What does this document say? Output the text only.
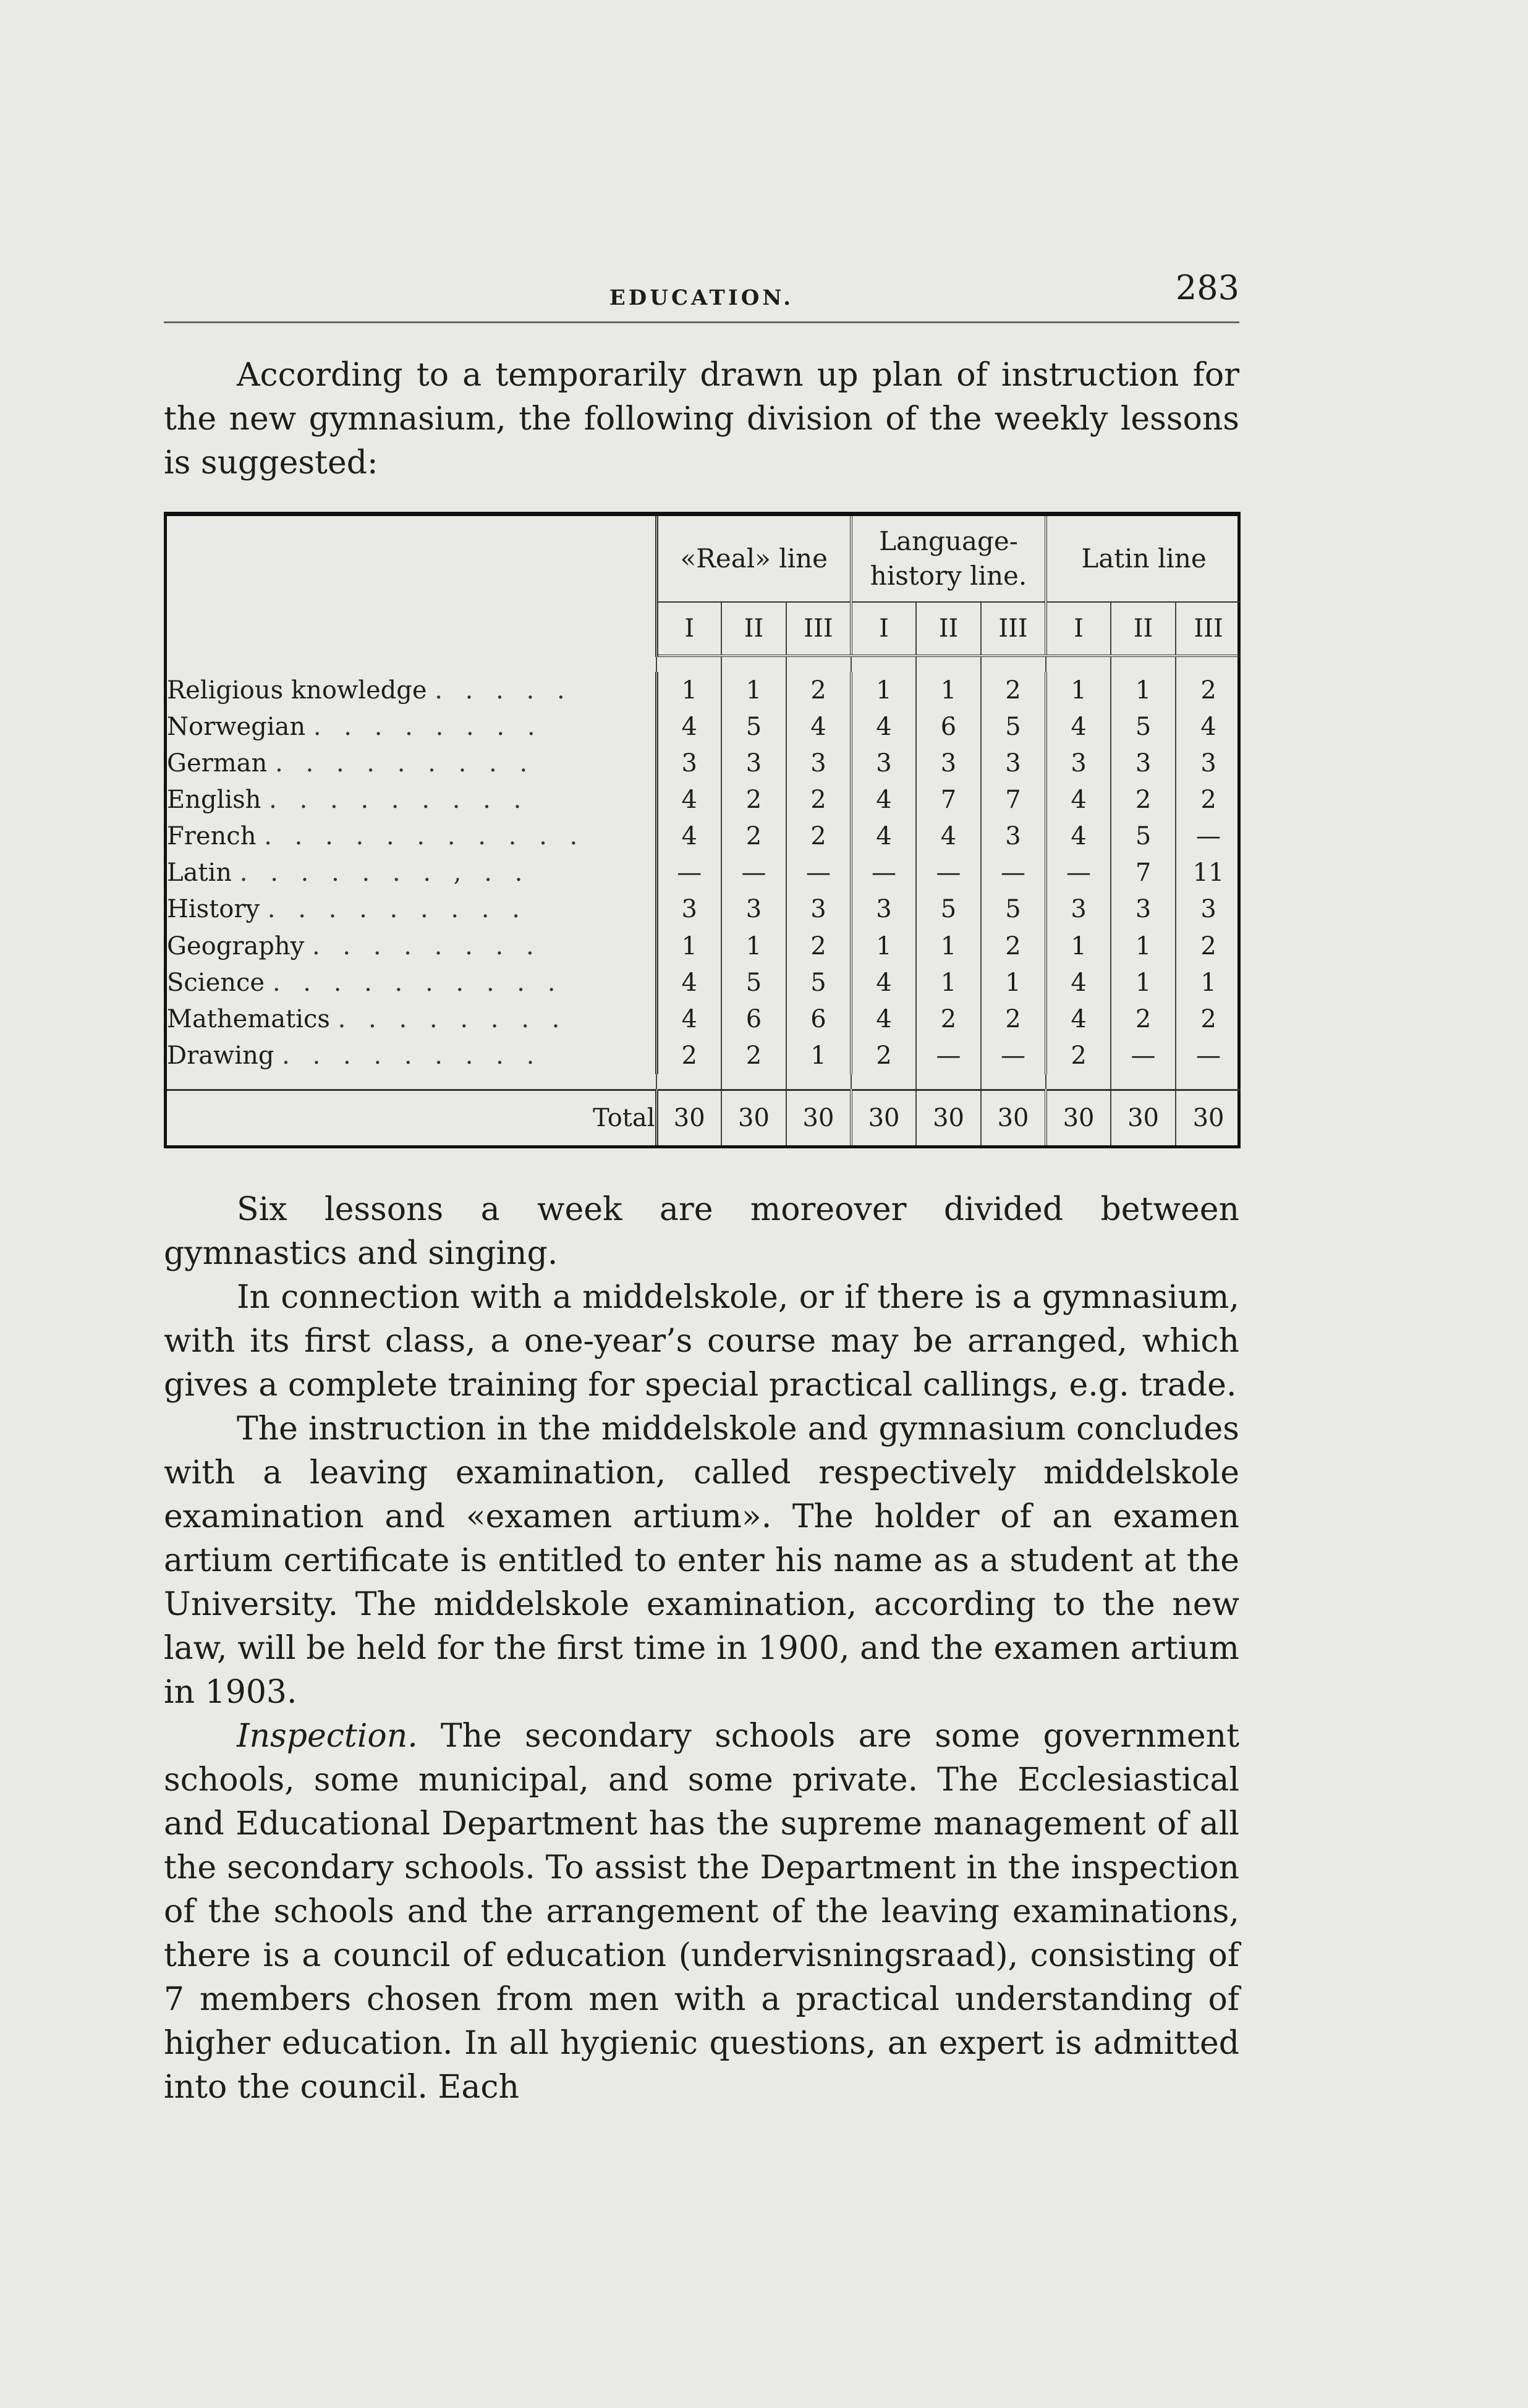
EDUCATION.	283

According to a temporarily drawn up plan of instruction for the new gymnasium, the following division of the weekly lessons is suggested:

	«Real» line			Language-history line.			Latin line		
	I	II	III	I	II	III	I	II	III

Religious knowledge . . . . .	1	1	2	1	1	2	1	1	2
Norwegian . . . . . . . .	4	5	4	4	6	5	4	5	4
German . . . . . . . . .	3	3	3	3	3	3	3	3	3
English . . . . . . . . .	4	2	2	4	7	7	4	2	2
French . . . . . . . . . . .	4	2	2	4	4	3	4	5	—
Latin . . . . . . . , . .	—	—	—	—	—	—	—	7	11
History . . . . . . . . .	3	3	3	3	5	5	3	3	3
Geography . . . . . . . .	1	1	2	1	1	2	1	1	2
Science . . . . . . . . . .	4	5	5	4	1	1	4	1	1
Mathematics . . . . . . . .	4	6	6	4	2	2	4	2	2
Drawing . . . . . . . . .	2	2	1	2	—	—	2	—	—

Total	30	30	30	30	30	30	30	30	30

Six lessons a week are moreover divided between gymnastics and singing.

In connection with a middelskole, or if there is a gymnasium, with its first class, a one-year’s course may be arranged, which gives a complete training for special practical callings, e.g. trade.

The instruction in the middelskole and gymnasium concludes with a leaving examination, called respectively middelskole examination and «examen artium». The holder of an examen artium certificate is entitled to enter his name as a student at the University. The middelskole examination, according to the new law, will be held for the first time in 1900, and the examen artium in 1903.

Inspection. The secondary schools are some government schools, some municipal, and some private. The Ecclesiastical and Educational Department has the supreme management of all the secondary schools. To assist the Department in the inspection of the schools and the arrangement of the leaving examinations, there is a council of education (undervisningsraad), consisting of 7 members chosen from men with a practical understanding of higher education. In all hygienic questions, an expert is admitted into the council. Each
